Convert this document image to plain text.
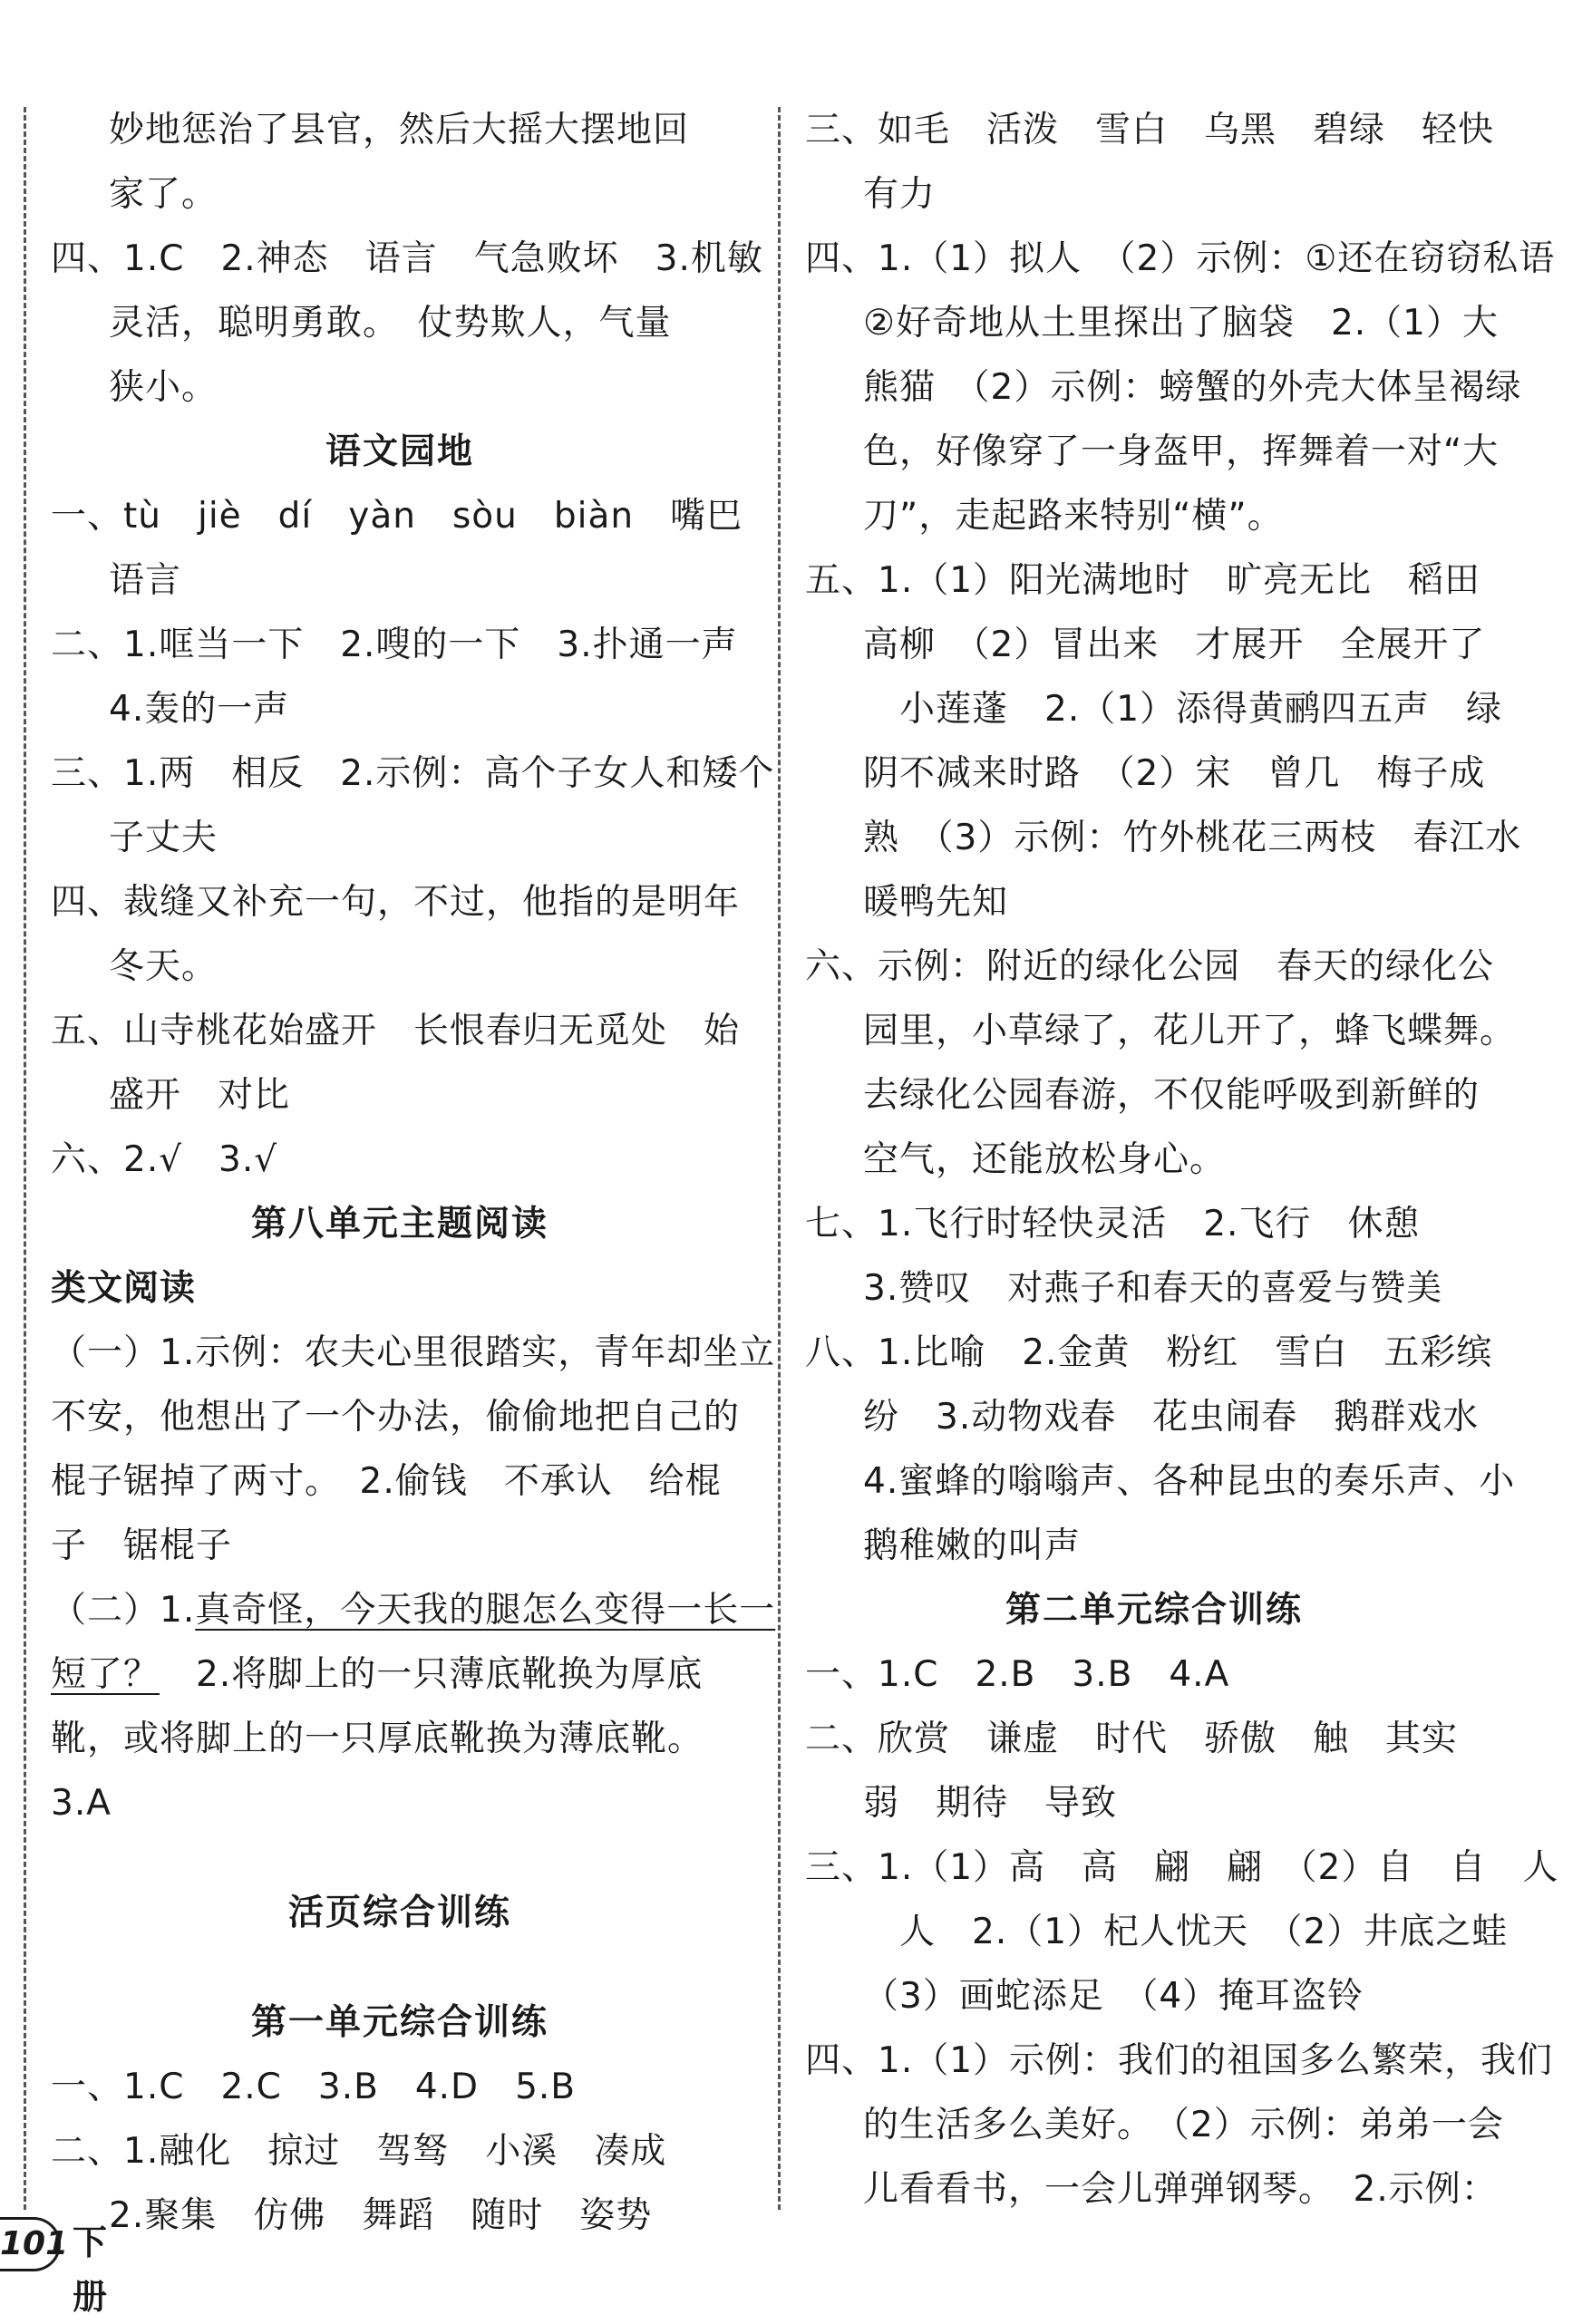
妙地惩治了县官，然后大摇大摆地回
家了。
四、1.C　2.神态　语言　气急败坏　3.机敏
灵活，聪明勇敢。　仗势欺人，气量
狭小。
语文园地
一、tù　jiè　dí　yàn　sòu　biàn　嘴巴
语言
二、1.哐当一下　2.嗖的一下　3.扑通一声
4.轰的一声
三、1.两　相反　2.示例：高个子女人和矮个
子丈夫
四、裁缝又补充一句，不过，他指的是明年
冬天。
五、山寺桃花始盛开　长恨春归无觅处　始
盛开　对比
六、2.√　3.√
第八单元主题阅读
类文阅读
（一）1.示例：农夫心里很踏实，青年却坐立
不安，他想出了一个办法，偷偷地把自己的
棍子锯掉了两寸。　2.偷钱　不承认　给棍
子　锯棍子
（二）1.真奇怪，今天我的腿怎么变得一长一
短了？　2.将脚上的一只薄底靴换为厚底
靴，或将脚上的一只厚底靴换为薄底靴。
3.A
活页综合训练
第一单元综合训练
一、1.C　2.C　3.B　4.D　5.B
二、1.融化　掠过　驾驽　小溪　凑成
2.聚集　仿佛　舞蹈　随时　姿势
三、如毛　活泼　雪白　乌黑　碧绿　轻快
有力
四、1.（1）拟人　（2）示例：①还在窃窃私语
②好奇地从土里探出了脑袋　2.（1）大
熊猫　（2）示例：螃蟹的外壳大体呈褐绿
色，好像穿了一身盔甲，挥舞着一对“大
刀”，走起路来特别“横”。
五、1.（1）阳光满地时　旷亮无比　稻田
高柳　（2）冒出来　才展开　全展开了
小莲蓬　2.（1）添得黄鹂四五声　绿
阴不减来时路　（2）宋　曾几　梅子成
熟　（3）示例：竹外桃花三两枝　春江水
暖鸭先知
六、示例：附近的绿化公园　春天的绿化公
园里，小草绿了，花儿开了，蜂飞蝶舞。
去绿化公园春游，不仅能呼吸到新鲜的
空气，还能放松身心。
七、1.飞行时轻快灵活　2.飞行　休憩
3.赞叹　对燕子和春天的喜爱与赞美
八、1.比喻　2.金黄　粉红　雪白　五彩缤
纷　3.动物戏春　花虫闹春　鹅群戏水
4.蜜蜂的嗡嗡声、各种昆虫的奏乐声、小
鹅稚嫩的叫声
第二单元综合训练
一、1.C　2.B　3.B　4.A
二、欣赏　谦虚　时代　骄傲　触　其实
弱　期待　导致
三、1.（1）高　高　翩　翩　（2）自　自　人
人　2.（1）杞人忧天　（2）井底之蛙
（3）画蛇添足　（4）掩耳盗铃
四、1.（1）示例：我们的祖国多么繁荣，我们
的生活多么美好。　（2）示例：弟弟一会
儿看看书，一会儿弹弹钢琴。　2.示例：
101 下册
